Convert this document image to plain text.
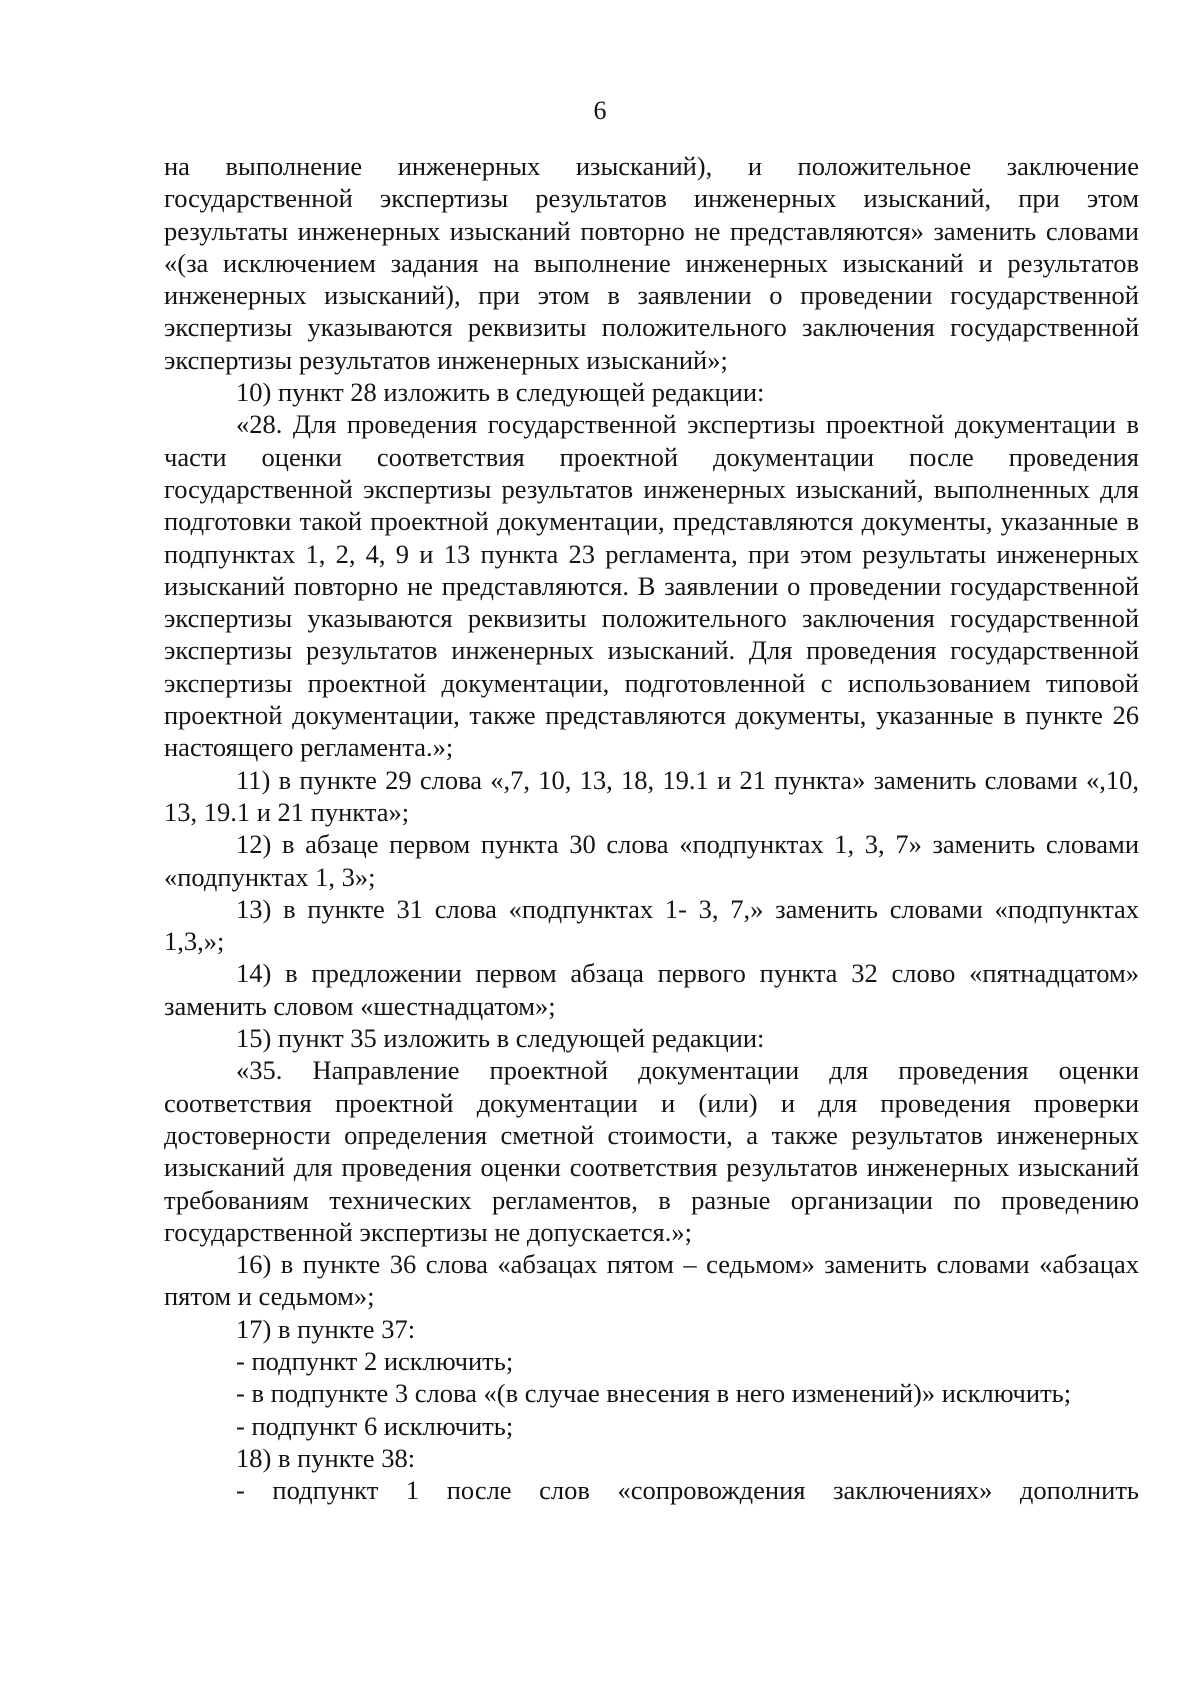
6

на выполнение инженерных изысканий), и положительное заключение государственной экспертизы результатов инженерных изысканий, при этом результаты инженерных изысканий повторно не представляются» заменить словами «(за исключением задания на выполнение инженерных изысканий и результатов инженерных изысканий), при этом в заявлении о проведении государственной экспертизы указываются реквизиты положительного заключения государственной экспертизы результатов инженерных изысканий»;

10) пункт 28 изложить в следующей редакции:

«28. Для проведения государственной экспертизы проектной документации в части оценки соответствия проектной документации после проведения государственной экспертизы результатов инженерных изысканий, выполненных для подготовки такой проектной документации, представляются документы, указанные в подпунктах 1, 2, 4, 9 и 13 пункта 23 регламента, при этом результаты инженерных изысканий повторно не представляются. В заявлении о проведении государственной экспертизы указываются реквизиты положительного заключения государственной экспертизы результатов инженерных изысканий. Для проведения государственной экспертизы проектной документации, подготовленной с использованием типовой проектной документации, также представляются документы, указанные в пункте 26 настоящего регламента.»;

11) в пункте 29 слова «,7, 10, 13, 18, 19.1 и 21 пункта» заменить словами «,10, 13, 19.1 и 21 пункта»;

12) в абзаце первом пункта 30 слова «подпунктах 1, 3, 7» заменить словами «подпунктах 1, 3»;

13) в пункте 31 слова «подпунктах 1- 3, 7,» заменить словами «подпунктах 1,3,»;

14) в предложении первом абзаца первого пункта 32 слово «пятнадцатом» заменить словом «шестнадцатом»;

15) пункт 35 изложить в следующей редакции:

«35. Направление проектной документации для проведения оценки соответствия проектной документации и (или) и для проведения проверки достоверности определения сметной стоимости, а также результатов инженерных изысканий для проведения оценки соответствия результатов инженерных изысканий требованиям технических регламентов, в разные организации по проведению государственной экспертизы не допускается.»;

16) в пункте 36 слова «абзацах пятом – седьмом» заменить словами «абзацах пятом и седьмом»;

17) в пункте 37:

- подпункт 2 исключить;

- в подпункте 3 слова «(в случае внесения в него изменений)» исключить;

- подпункт 6 исключить;

18) в пункте 38:

- подпункт 1 после слов «сопровождения заключениях» дополнить
